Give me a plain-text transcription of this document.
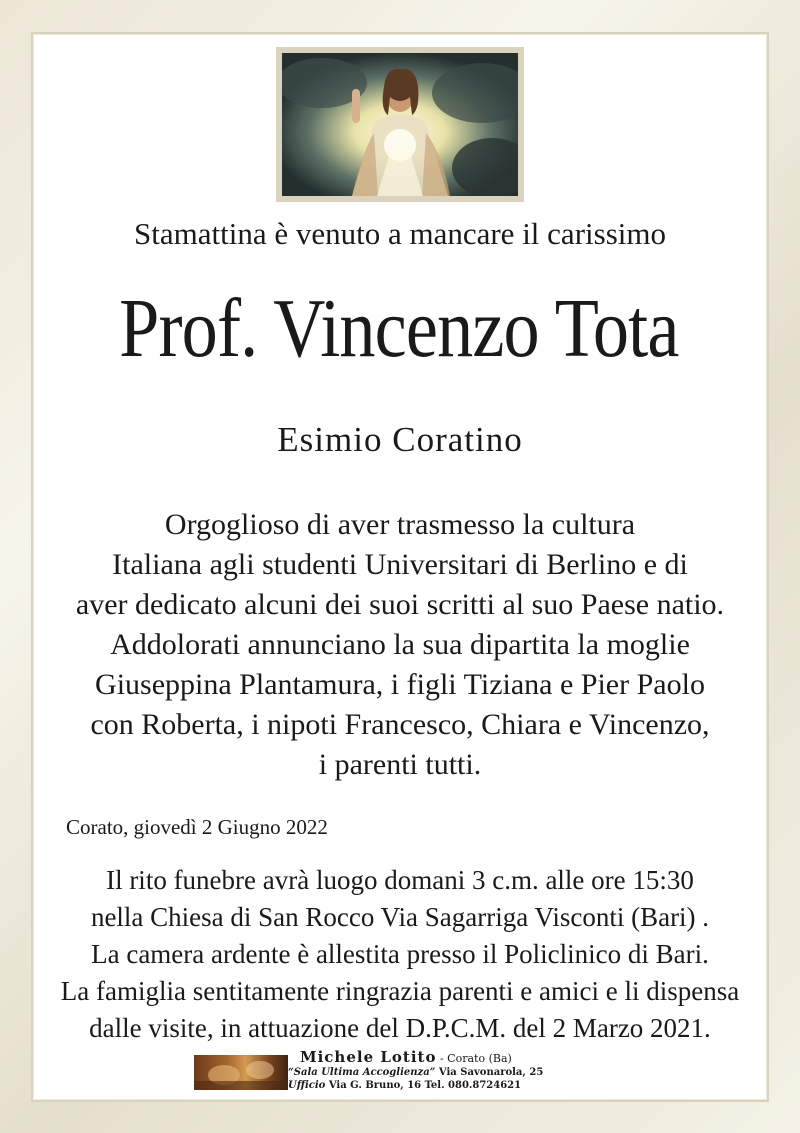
Stamattina è venuto a mancare il carissimo
Prof. Vincenzo Tota
Esimio Coratino
Orgoglioso di aver trasmesso la cultura
Italiana agli studenti Universitari di Berlino e di
aver dedicato alcuni dei suoi scritti al suo Paese natio.
Addolorati annunciano la sua dipartita la moglie
Giuseppina Plantamura, i figli Tiziana e Pier Paolo
con Roberta, i nipoti Francesco, Chiara e Vincenzo,
i parenti tutti.
Corato, giovedì 2 Giugno 2022
Il rito funebre avrà luogo domani 3 c.m. alle ore 15:30
nella Chiesa di San Rocco Via Sagarriga Visconti (Bari) .
La camera ardente è allestita presso il Policlinico di Bari.
La famiglia sentitamente ringrazia parenti e amici e li dispensa
dalle visite, in attuazione del D.P.C.M. del 2 Marzo 2021.
Michele Lotito - Corato (Ba)
“Sala Ultima Accoglienza” Via Savonarola, 25
Ufficio Via G. Bruno, 16 Tel. 080.8724621
